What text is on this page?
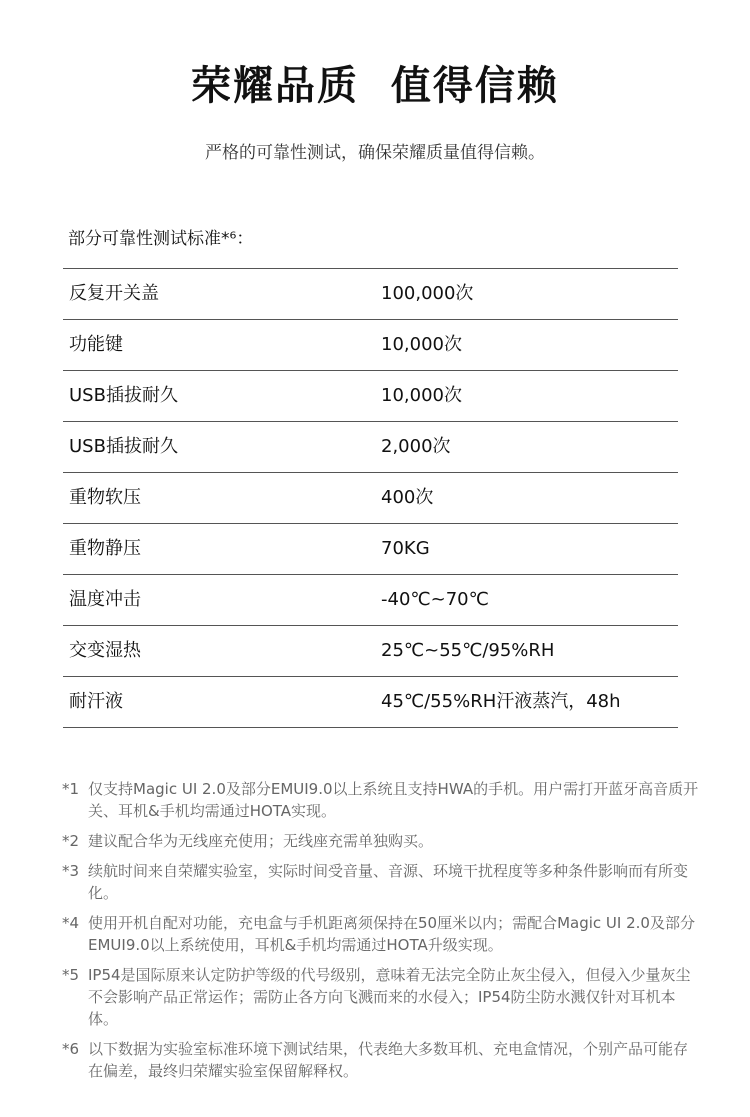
荣耀品质  值得信赖
严格的可靠性测试，确保荣耀质量值得信赖。
部分可靠性测试标准*⁶：
反复开关盖	100,000次
功能键	10,000次
USB插拔耐久	10,000次
USB插拔耐久	2,000次
重物软压	400次
重物静压	70KG
温度冲击	-40℃~70℃
交变湿热	25℃~55℃/95%RH
耐汗液	45℃/55%RH汗液蒸汽，48h
*1 仅支持Magic UI 2.0及部分EMUI9.0以上系统且支持HWA的手机。用户需打开蓝牙高音质开关、耳机&手机均需通过HOTA实现。
*2 建议配合华为无线座充使用；无线座充需单独购买。
*3 续航时间来自荣耀实验室，实际时间受音量、音源、环境干扰程度等多种条件影响而有所变化。
*4 使用开机自配对功能，充电盒与手机距离须保持在50厘米以内；需配合Magic UI 2.0及部分EMUI9.0以上系统使用，耳机&手机均需通过HOTA升级实现。
*5 IP54是国际原来认定防护等级的代号级别，意味着无法完全防止灰尘侵入，但侵入少量灰尘不会影响产品正常运作；需防止各方向飞溅而来的水侵入；IP54防尘防水溅仅针对耳机本体。
*6 以下数据为实验室标准环境下测试结果，代表绝大多数耳机、充电盒情况，个别产品可能存在偏差，最终归荣耀实验室保留解释权。
